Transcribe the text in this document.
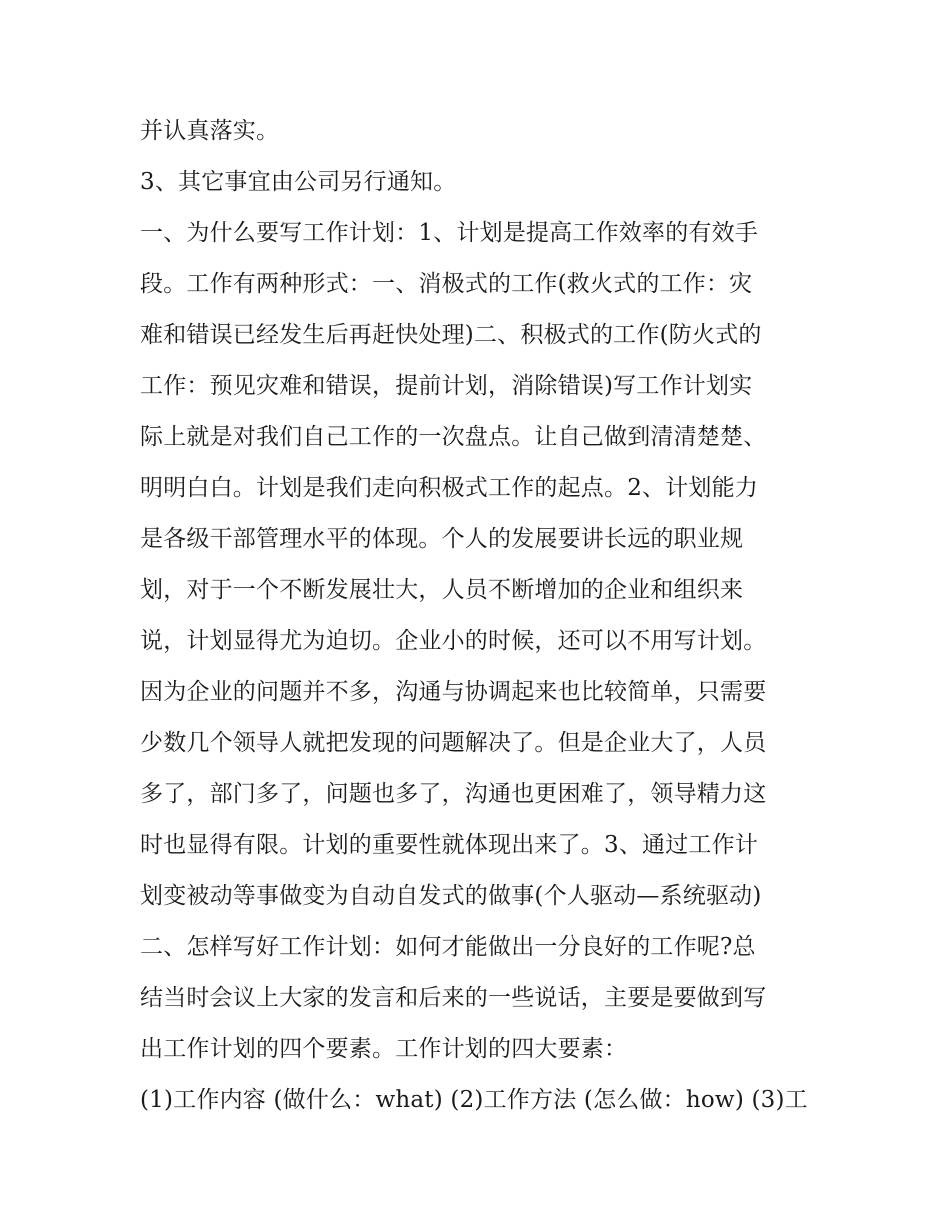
并认真落实。
3、其它事宜由公司另行通知。
一、为什么要写工作计划：1、计划是提高工作效率的有效手
段。工作有两种形式：一、消极式的工作(救火式的工作：灾
难和错误已经发生后再赶快处理)二、积极式的工作(防火式的
工作：预见灾难和错误，提前计划，消除错误)写工作计划实
际上就是对我们自己工作的一次盘点。让自己做到清清楚楚、
明明白白。计划是我们走向积极式工作的起点。2、计划能力
是各级干部管理水平的体现。个人的发展要讲长远的职业规
划，对于一个不断发展壮大，人员不断增加的企业和组织来
说，计划显得尤为迫切。企业小的时候，还可以不用写计划。
因为企业的问题并不多，沟通与协调起来也比较简单，只需要
少数几个领导人就把发现的问题解决了。但是企业大了，人员
多了，部门多了，问题也多了，沟通也更困难了，领导精力这
时也显得有限。计划的重要性就体现出来了。3、通过工作计
划变被动等事做变为自动自发式的做事(个人驱动—系统驱动)
二、怎样写好工作计划：如何才能做出一分良好的工作呢?总
结当时会议上大家的发言和后来的一些说话，主要是要做到写
出工作计划的四个要素。工作计划的四大要素：
(1)工作内容 (做什么：what) (2)工作方法 (怎么做：how) (3)工
